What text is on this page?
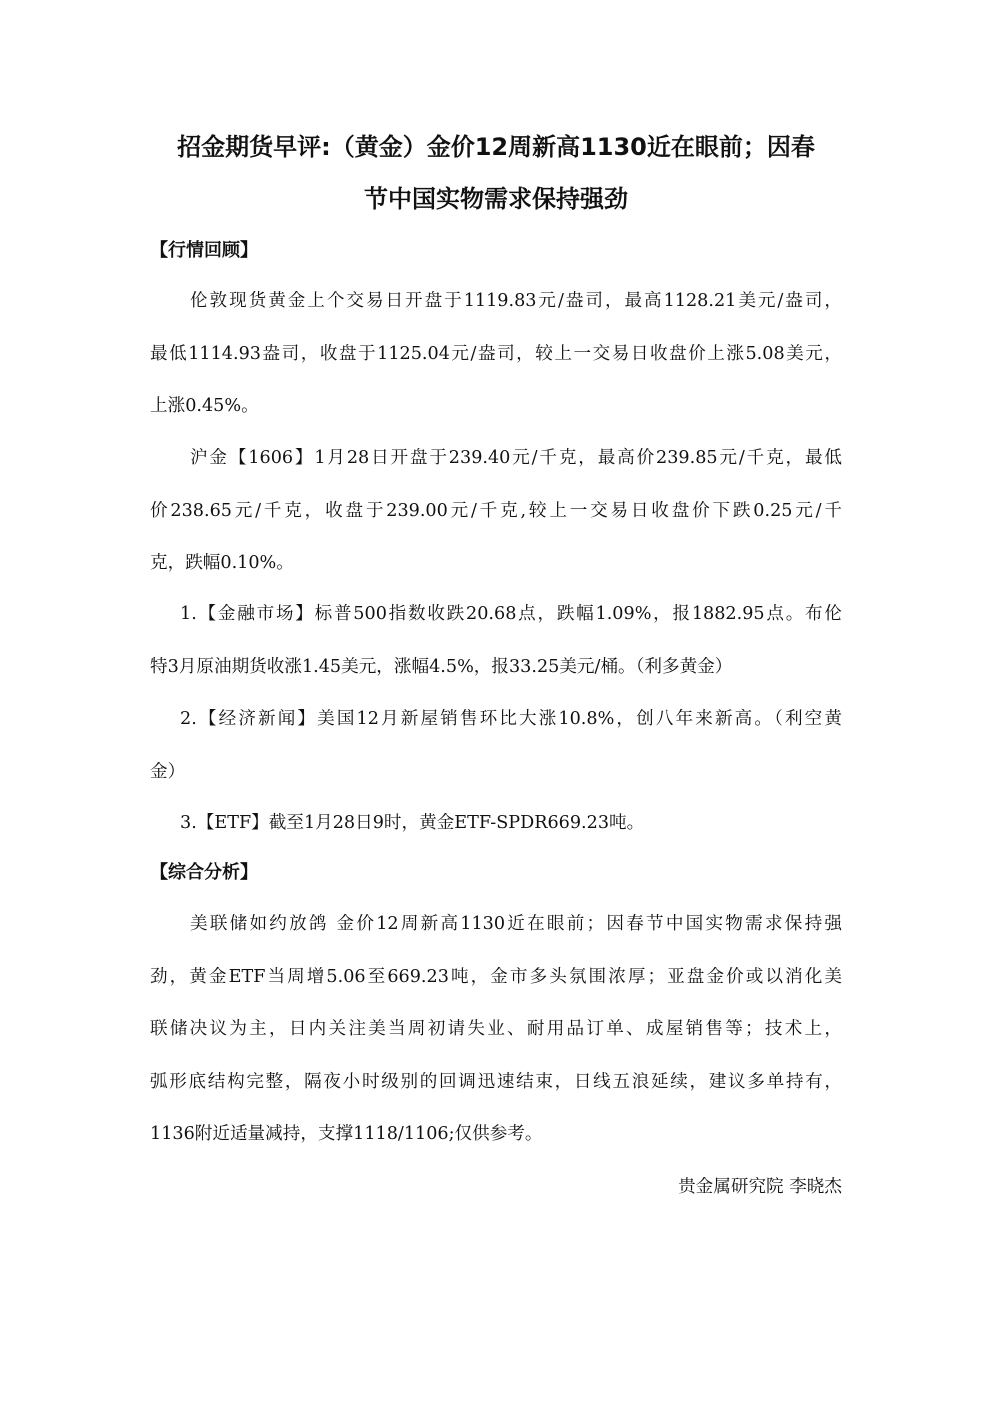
招金期货早评:（黄金）金价12周新高1130近在眼前；因春
节中国实物需求保持强劲
【行情回顾】
伦敦现货黄金上个交易日开盘于1119.83元/盎司，最高1128.21美元/盎司，
最低1114.93盎司，收盘于1125.04元/盎司，较上一交易日收盘价上涨5.08美元，
上涨0.45%。
沪金【1606】1月28日开盘于239.40元/千克，最高价239.85元/千克，最低
价238.65元/千克，收盘于239.00元/千克,较上一交易日收盘价下跌0.25元/千
克，跌幅0.10%。
1.【金融市场】标普500指数收跌20.68点，跌幅1.09%，报1882.95点。布伦
特3月原油期货收涨1.45美元，涨幅4.5%，报33.25美元/桶。（利多黄金）
2.【经济新闻】美国12月新屋销售环比大涨10.8%，创八年来新高。（利空黄
金）
3.【ETF】截至1月28日9时，黄金ETF-SPDR669.23吨。
【综合分析】
美联储如约放鸽 金价12周新高1130近在眼前；因春节中国实物需求保持强
劲，黄金ETF当周增5.06至669.23吨，金市多头氛围浓厚；亚盘金价或以消化美
联储决议为主，日内关注美当周初请失业、耐用品订单、成屋销售等；技术上，
弧形底结构完整，隔夜小时级别的回调迅速结束，日线五浪延续，建议多单持有，
1136附近适量减持，支撑1118/1106;仅供参考。
贵金属研究院 李晓杰
